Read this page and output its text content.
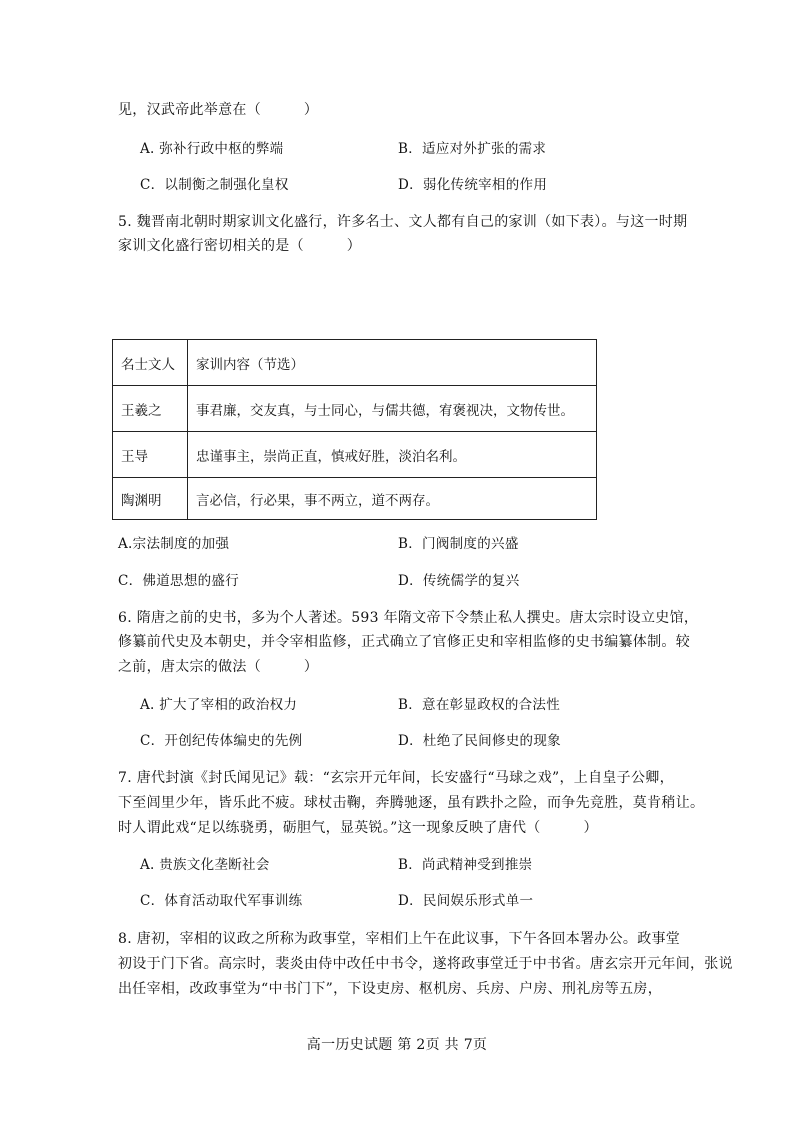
见，汉武帝此举意在（　　　）
A. 弥补行政中枢的弊端	B．适应对外扩张的需求
C．以制衡之制强化皇权	D．弱化传统宰相的作用
5. 魏晋南北朝时期家训文化盛行，许多名士、文人都有自己的家训（如下表）。与这一时期
家训文化盛行密切相关的是（　　　）
名士文人	家训内容（节选）
王羲之	事君廉，交友真，与士同心，与儒共德，宥褒视决，文物传世。
王导	忠谨事主，崇尚正直，慎戒好胜，淡泊名利。
陶渊明	言必信，行必果，事不两立，道不两存。
A.宗法制度的加强	B．门阀制度的兴盛
C．佛道思想的盛行	D．传统儒学的复兴
6. 隋唐之前的史书，多为个人著述。593 年隋文帝下令禁止私人撰史。唐太宗时设立史馆，
修纂前代史及本朝史，并令宰相监修，正式确立了官修正史和宰相监修的史书编纂体制。较
之前，唐太宗的做法（　　　）
A. 扩大了宰相的政治权力	B．意在彰显政权的合法性
C．开创纪传体编史的先例	D．杜绝了民间修史的现象
7. 唐代封演《封氏闻见记》载：“玄宗开元年间，长安盛行“马球之戏”，上自皇子公卿，
下至闾里少年，皆乐此不疲。球杖击鞠，奔腾驰逐，虽有跌扑之险，而争先竞胜，莫肯稍让。
时人谓此戏“足以练骁勇，砺胆气，显英锐。”这一现象反映了唐代（　　　）
A. 贵族文化垄断社会	B．尚武精神受到推崇
C．体育活动取代军事训练	D．民间娱乐形式单一
8. 唐初，宰相的议政之所称为政事堂，宰相们上午在此议事，下午各回本署办公。政事堂
初设于门下省。高宗时，裴炎由侍中改任中书令，遂将政事堂迁于中书省。唐玄宗开元年间，张说
出任宰相，改政事堂为“中书门下”，下设吏房、枢机房、兵房、户房、刑礼房等五房，
高一历史试题 第 2页 共 7页
